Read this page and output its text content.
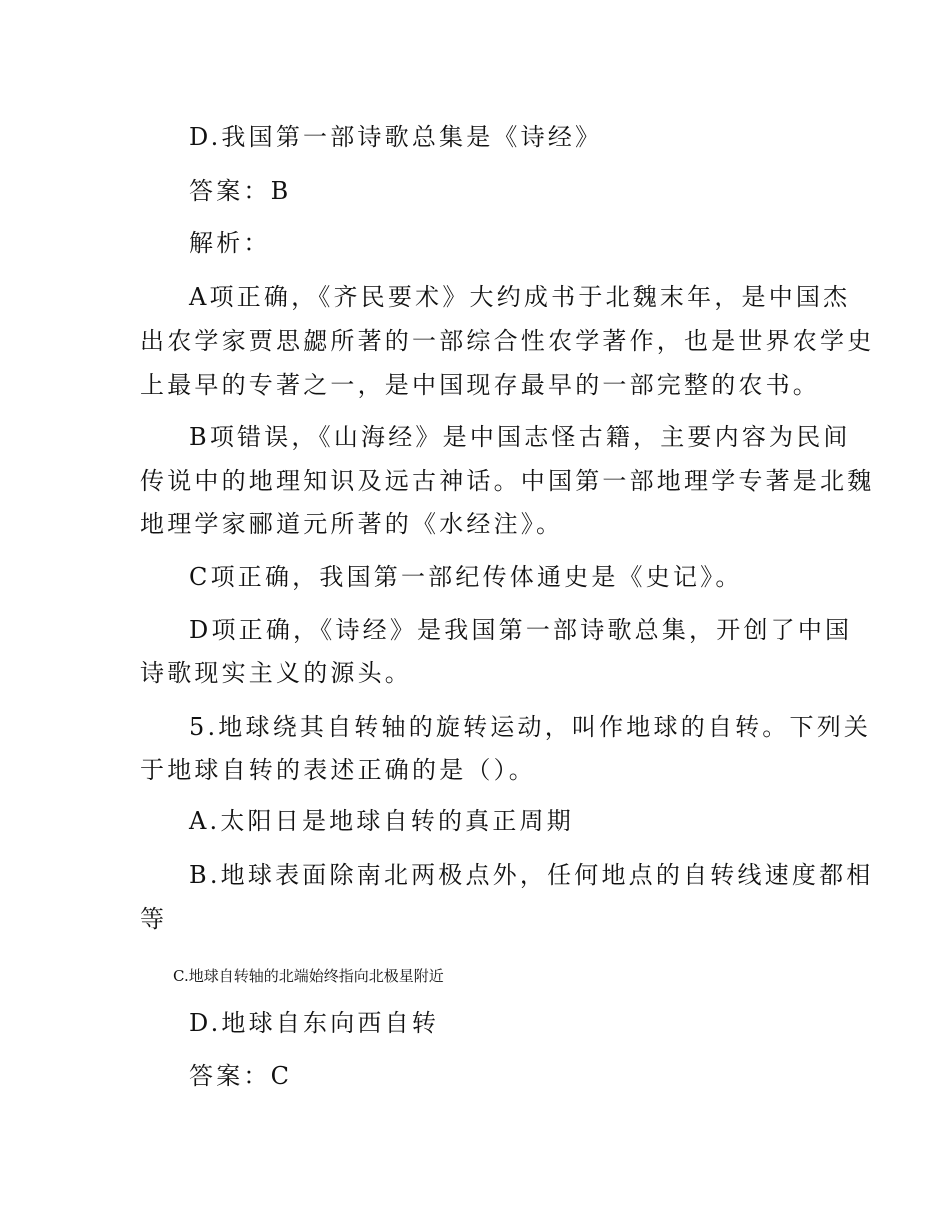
D.我国第一部诗歌总集是《诗经》
答案：B
解析：
A项正确，《齐民要术》大约成书于北魏末年，是中国杰
出农学家贾思勰所著的一部综合性农学著作，也是世界农学史
上最早的专著之一，是中国现存最早的一部完整的农书。
B项错误，《山海经》是中国志怪古籍，主要内容为民间
传说中的地理知识及远古神话。中国第一部地理学专著是北魏
地理学家郦道元所著的《水经注》。
C项正确，我国第一部纪传体通史是《史记》。
D项正确，《诗经》是我国第一部诗歌总集，开创了中国
诗歌现实主义的源头。
5.地球绕其自转轴的旋转运动，叫作地球的自转。下列关
于地球自转的表述正确的是（）。
A.太阳日是地球自转的真正周期
B.地球表面除南北两极点外，任何地点的自转线速度都相
等
C.地球自转轴的北端始终指向北极星附近
D.地球自东向西自转
答案：C
